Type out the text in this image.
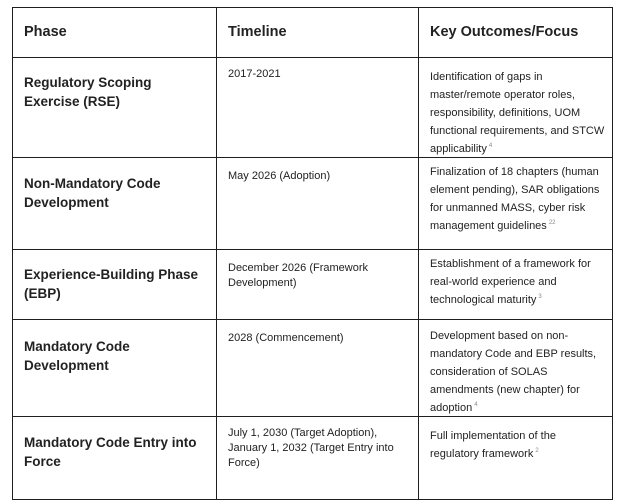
Phase	Timeline	Key Outcomes/Focus

Regulatory Scoping Exercise (RSE)	2017-2021	Identification of gaps in master/remote operator roles, responsibility, definitions, UOM functional requirements, and STCW applicability $^4$

Non-Mandatory Code Development	May 2026 (Adoption)	Finalization of 18 chapters (human element pending), SAR obligations for unmanned MASS, cyber risk management guidelines $^{22}$

Experience-Building Phase (EBP)	December 2026 (Framework Development)	Establishment of a framework for real-world experience and technological maturity $^3$

Mandatory Code Development	2028 (Commencement)	Development based on non-mandatory Code and EBP results, consideration of SOLAS amendments (new chapter) for adoption $^4$

Mandatory Code Entry into Force	July 1, 2030 (Target Adoption), January 1, 2032 (Target Entry into Force)	Full implementation of the regulatory framework $^2$
